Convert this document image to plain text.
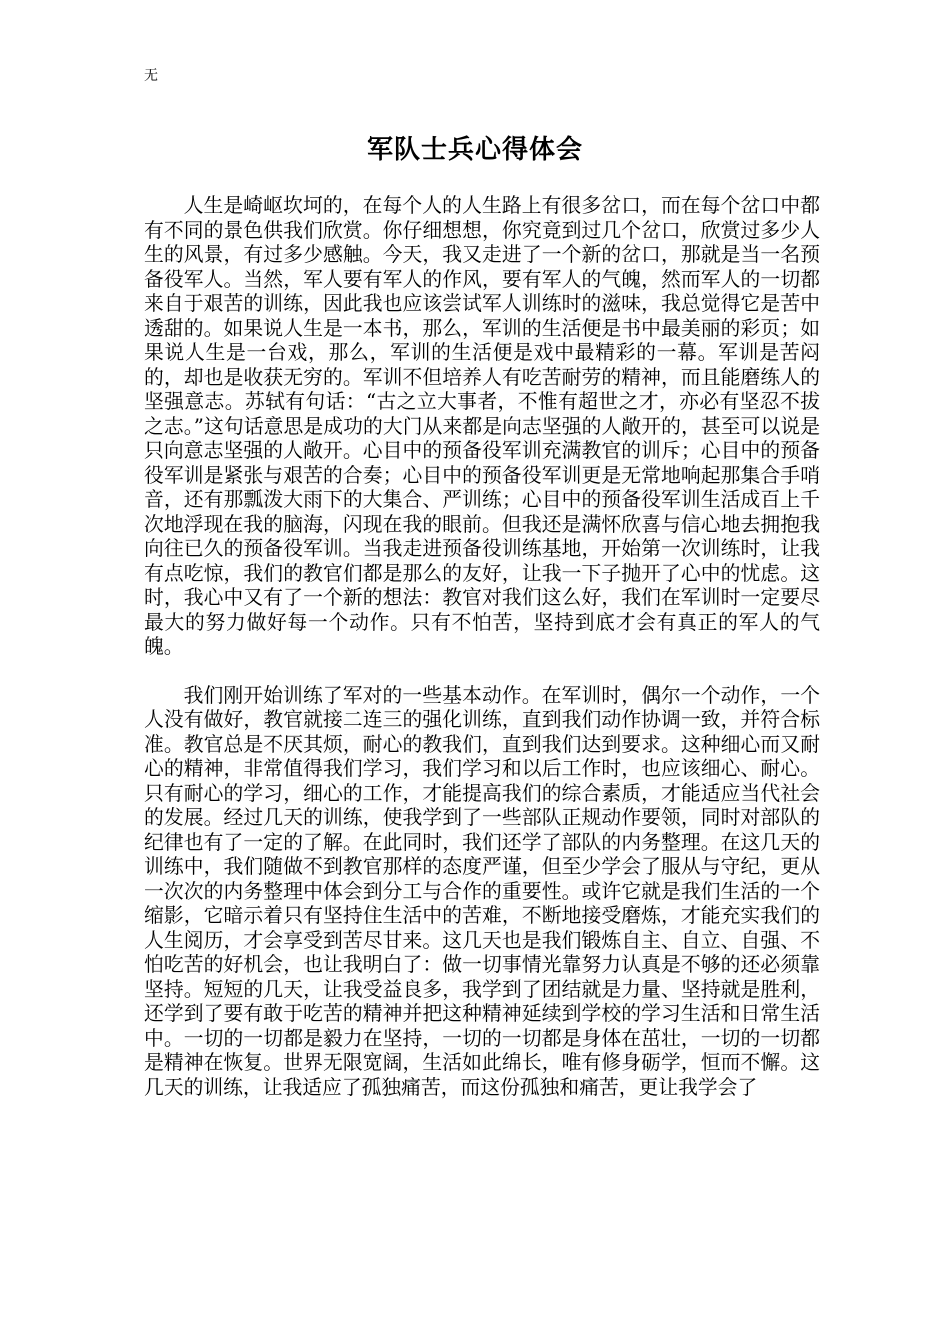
无
军队士兵心得体会

人生是崎岖坎坷的，在每个人的人生路上有很多岔口，而在每个岔口中都有不同的景色供我们欣赏。你仔细想想，你究竟到过几个岔口，欣赏过多少人生的风景，有过多少感触。今天，我又走进了一个新的岔口，那就是当一名预备役军人。当然，军人要有军人的作风，要有军人的气魄，然而军人的一切都来自于艰苦的训练，因此我也应该尝试军人训练时的滋味，我总觉得它是苦中透甜的。如果说人生是一本书，那么，军训的生活便是书中最美丽的彩页；如果说人生是一台戏，那么，军训的生活便是戏中最精彩的一幕。军训是苦闷的，却也是收获无穷的。军训不但培养人有吃苦耐劳的精神，而且能磨练人的坚强意志。苏轼有句话：“古之立大事者，不惟有超世之才，亦必有坚忍不拔之志。”这句话意思是成功的大门从来都是向志坚强的人敞开的，甚至可以说是只向意志坚强的人敞开。心目中的预备役军训充满教官的训斥；心目中的预备役军训是紧张与艰苦的合奏；心目中的预备役军训更是无常地响起那集合手哨音，还有那瓢泼大雨下的大集合、严训练；心目中的预备役军训生活成百上千次地浮现在我的脑海，闪现在我的眼前。但我还是满怀欣喜与信心地去拥抱我向往已久的预备役军训。当我走进预备役训练基地，开始第一次训练时，让我有点吃惊，我们的教官们都是那么的友好，让我一下子抛开了心中的忧虑。这时，我心中又有了一个新的想法：教官对我们这么好，我们在军训时一定要尽最大的努力做好每一个动作。只有不怕苦，坚持到底才会有真正的军人的气魄。

我们刚开始训练了军对的一些基本动作。在军训时，偶尔一个动作，一个人没有做好，教官就接二连三的强化训练，直到我们动作协调一致，并符合标准。教官总是不厌其烦，耐心的教我们，直到我们达到要求。这种细心而又耐心的精神，非常值得我们学习，我们学习和以后工作时，也应该细心、耐心。只有耐心的学习，细心的工作，才能提高我们的综合素质，才能适应当代社会的发展。经过几天的训练，使我学到了一些部队正规动作要领，同时对部队的纪律也有了一定的了解。在此同时，我们还学了部队的内务整理。在这几天的训练中，我们随做不到教官那样的态度严谨，但至少学会了服从与守纪，更从一次次的内务整理中体会到分工与合作的重要性。或许它就是我们生活的一个缩影，它暗示着只有坚持住生活中的苦难，不断地接受磨炼，才能充实我们的人生阅历，才会享受到苦尽甘来。这几天也是我们锻炼自主、自立、自强、不怕吃苦的好机会，也让我明白了：做一切事情光靠努力认真是不够的还必须靠坚持。短短的几天，让我受益良多，我学到了团结就是力量、坚持就是胜利，还学到了要有敢于吃苦的精神并把这种精神延续到学校的学习生活和日常生活中。一切的一切都是毅力在坚持，一切的一切都是身体在茁壮，一切的一切都是精神在恢复。世界无限宽阔，生活如此绵长，唯有修身砺学，恒而不懈。这几天的训练，让我适应了孤独痛苦，而这份孤独和痛苦，更让我学会了
